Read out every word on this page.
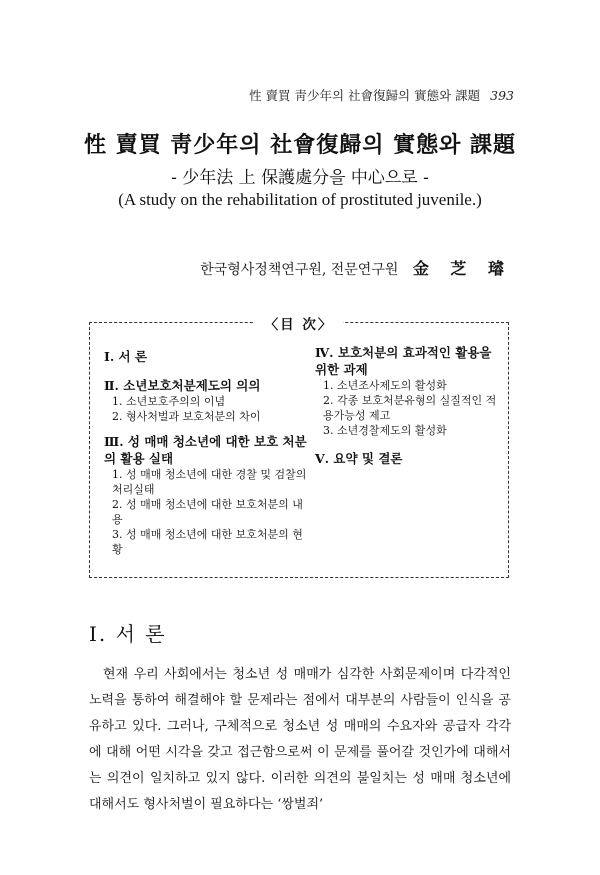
性 賣買 靑少年의 社會復歸의 實態와 課題 393
性 賣買 靑少年의 社會復歸의 實態와 課題
- 少年法 上 保護處分을 中心으로 -
(A study on the rehabilitation of prostituted juvenile.)
한국형사정책연구원, 전문연구원 金 芝 璿
〈目 次〉
Ⅰ. 서 론
Ⅱ. 소년보호처분제도의 의의
1. 소년보호주의의 이념
2. 형사처벌과 보호처분의 차이
Ⅲ. 성 매매 청소년에 대한 보호 처분의 활용 실태
1. 성 매매 청소년에 대한 경찰 및 검찰의 처리실태
2. 성 매매 청소년에 대한 보호처분의 내용
3. 성 매매 청소년에 대한 보호처분의 현황
Ⅳ. 보호처분의 효과적인 활용을 위한 과제
1. 소년조사제도의 활성화
2. 각종 보호처분유형의 실질적인 적용가능성 제고
3. 소년경찰제도의 활성화
Ⅴ. 요약 및 결론
Ⅰ. 서 론
현재 우리 사회에서는 청소년 성 매매가 심각한 사회문제이며 다각적인 노력을 통하여 해결해야 할 문제라는 점에서 대부분의 사람들이 인식을 공유하고 있다. 그러나, 구체적으로 청소년 성 매매의 수요자와 공급자 각각에 대해 어떤 시각을 갖고 접근함으로써 이 문제를 풀어갈 것인가에 대해서는 의견이 일치하고 있지 않다. 이러한 의견의 불일치는 성 매매 청소년에 대해서도 형사처벌이 필요하다는 ‘쌍벌죄’
